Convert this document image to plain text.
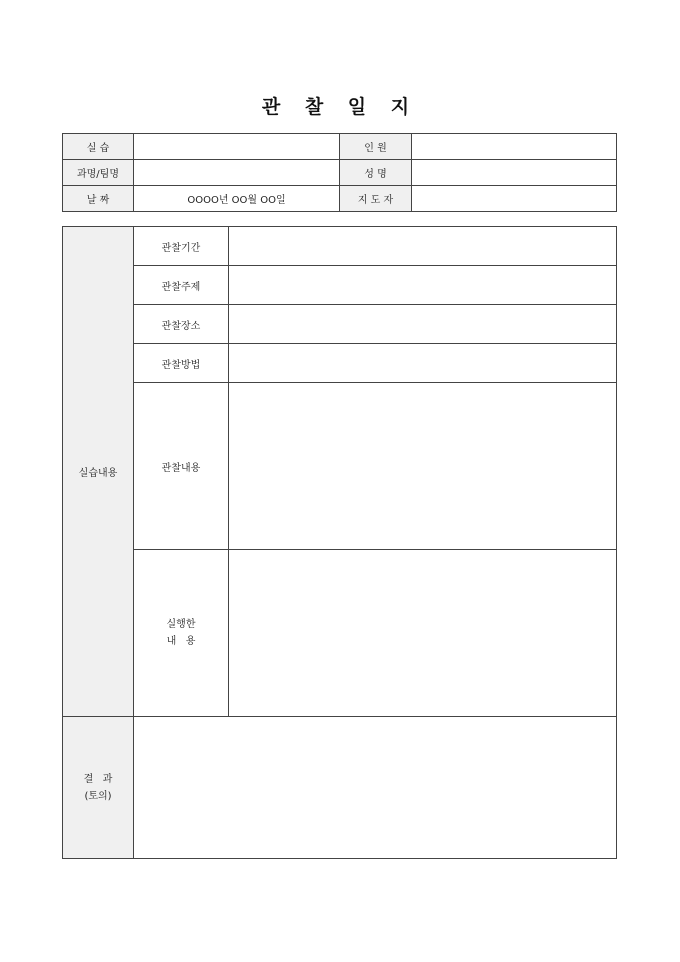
관 찰 일 지
실 습		인 원	
과명/팀명		성 명	
날 짜	OOOO년 OO월 OO일	지 도 자	
실습내용	관찰기간	
	관찰주제	
	관찰장소	
	관찰방법	
	관찰내용	
	실행한
내   용	
결   과
(토의)		
